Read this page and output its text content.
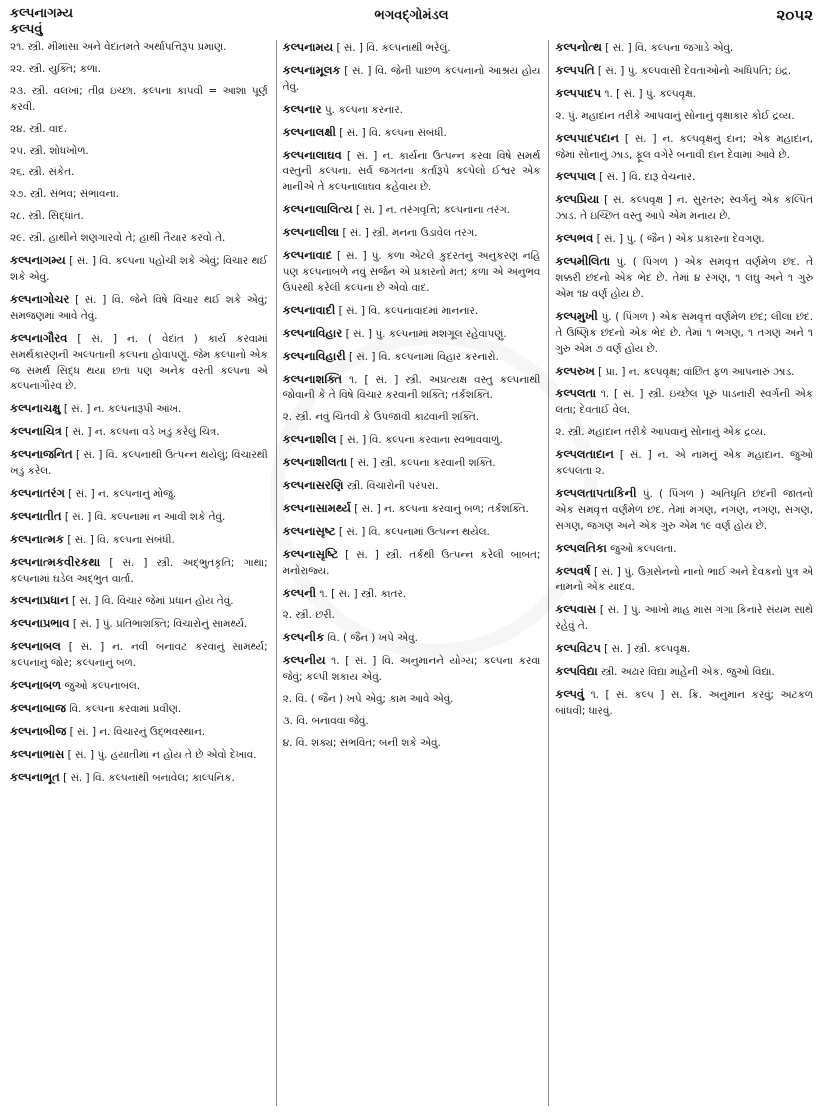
કલ્પનાગમ્ય
કલ્પવું
ભગવદ્ગોમંડલ	૨૦૫૨

૨૧. સ્ત્રી. મીમાંસા અને વેદાંતમતે અર્થાપત્તિરૂપ પ્રમાણ.

૨૨. સ્ત્રી. યુક્તિ; કળા.

૨૩. સ્ત્રી. વલખાં; તીવ્ર ઇચ્છા. કલ્પના કાપવી = આશા પૂર્ણ કરવી.

૨૪. સ્ત્રી. વાદ.

૨૫. સ્ત્રી. શોધખોળ.

૨૬. સ્ત્રી. સંકેત.

૨૭. સ્ત્રી. સંભવ; સંભાવના.

૨૮. સ્ત્રી. સિદ્ધાંત.

૨૯. સ્ત્રી. હાથીને શણગારવો તે; હાથી તૈયાર કરવો તે.

કલ્પનાગમ્ય [ સં. ] વિ. કલ્પના પહોંચી શકે એવું; વિચાર થઈ શકે એવું.

કલ્પનાગોચર [ સં. ] વિ. જેને વિષે વિચાર થઈ શકે એવું; સમજણમાં આવે તેવું.

કલ્પનાગૌરવ [ સં. ] ન. ( વેદાંત ) કાર્ય કરવામાં સમર્થકારણની અલ્પતાની કલ્પના હોવાપણું. જેમ કલ્પાનો એક જ સમર્થ સિદ્ધ થયા છતાં પણ અનેક વરતી કલ્પના એ કલ્પનાગૌરવ છે.

કલ્પનાચક્ષુ [ સં. ] ન. કલ્પનારૂપી આંખ.

કલ્પનાચિત્ર [ સં. ] ન. કલ્પના વડે ખડું કરેલું ચિત્ર.

કલ્પનાજનિત [ સં. ] વિ. કલ્પનાથી ઉત્પન્ન થયેલું; વિચારથી ખડું કરેલ.

કલ્પનાતરંગ [ સં. ] ન. કલ્પનાનું મોજું.

કલ્પનાતીત [ સં. ] વિ. કલ્પનામાં ન આવી શકે તેવું.

કલ્પનાત્મક [ સં. ] વિ. કલ્પના સંબંધી.

કલ્પનાત્મકવીરકથા [ સં. ] સ્ત્રી. અદ્ભુતકૃતિ; ગાથા; કલ્પનામાં ઘડેલ અદ્ભુત વાર્તા.

કલ્પનાપ્રધાન [ સં. ] વિ. વિચાર જેમાં પ્રધાન હોય તેવું.

કલ્પનાપ્રભાવ [ સં. ] પું. પ્રતિભાશક્તિ; વિચારોનું સામર્થ્ય.

કલ્પનાબલ [ સં. ] ન. નવી બનાવટ કરવાનું સામર્થ્ય; કલ્પનાનું જોર; કલ્પનાનું બળ.

કલ્પનાબળ જુઓ કલ્પનાબલ.

કલ્પનાબાજ વિ. કલ્પના કરવામાં પ્રવીણ.

કલ્પનાબીજ [ સં. ] ન. વિચારનું ઉદ્ભવસ્થાન.

કલ્પનાભાસ [ સં. ] પું. હયાતીમાં ન હોય તે છે એવો દેખાવ.

કલ્પનાભૂત [ સં. ] વિ. કલ્પનાથી બનાવેલ; કાલ્પનિક.

કલ્પનામય [ સં. ] વિ. કલ્પનાથી ભરેલું.

કલ્પનામૂલક [ સં. ] વિ. જેની પાછળ કલ્પનાનો આશ્રય હોય તેવું.

કલ્પનાર પું. કલ્પના કરનાર.

કલ્પનાલક્ષી [ સં. ] વિ. કલ્પના સંબંધી.

કલ્પનાલાઘવ [ સં. ] ન. કાર્યના ઉત્પન્ન કરવા વિષે સમર્થ વસ્તુની કલ્પના. સર્વ જગતના કર્તારૂપે કલ્પેલો ઈશ્વર એક માનીએ તે કલ્પનાલાઘવ કહેવાય છે.

કલ્પનાલાલિત્ય [ સં. ] ન. તરંગવૃત્તિ; કલ્પનાના તરંગ.

કલ્પનાલીલા [ સં. ] સ્ત્રી. મનના ઉડાવેલ તરંગ.

કલ્પનાવાદ [ સં. ] પું. કળા એટલે કુદરતનું અનુકરણ નહિ પણ કલ્પનાબળે નવું સર્જન એ પ્રકારનો મત; કળા એ અનુભવ ઉપરથી કરેલી કલ્પના છે એવો વાદ.

કલ્પનાવાદી [ સં. ] વિ. કલ્પનાવાદમાં માનનાર.

કલ્પનાવિહાર [ સં. ] પું. કલ્પનામાં મશગૂલ રહેવાપણું.

કલ્પનાવિહારી [ સં. ] વિ. કલ્પનામાં વિહાર કરનારો.

કલ્પનાશક્તિ ૧. [ સં. ] સ્ત્રી. અપ્રત્યક્ષ વસ્તુ કલ્પનાથી જોવાની કે તે વિષે વિચાર કરવાની શક્તિ; તર્કશક્તિ.

૨. સ્ત્રી. નવું ચિંતવી કે ઉપજાવી કાઢવાની શક્તિ.

કલ્પનાશીલ [ સં. ] વિ. કલ્પના કરવાના સ્વભાવવાળું.

કલ્પનાશીલતા [ સં. ] સ્ત્રી. કલ્પના કરવાની શક્તિ.

કલ્પનાસરણિ સ્ત્રી. વિચારોની પરંપરા.

કલ્પનાસામર્થ્ય [ સં. ] ન. કલ્પના કરવાનું બળ; તર્કશક્તિ.

કલ્પનાસૃષ્ટ [ સં. ] વિ. કલ્પનામાં ઉત્પન્ન થયેલ.

કલ્પનાસૃષ્ટિ [ સં. ] સ્ત્રી. તર્કથી ઉત્પન્ન કરેલી બાબત; મનોરાજ્ય.

કલ્પની ૧. [ સં. ] સ્ત્રી. કાતર.

૨. સ્ત્રી. છરી.

કલ્પનીક વિ. ( જૈન ) ખપે એવું.

કલ્પનીય ૧. [ સં. ] વિ. અનુમાનને યોગ્ય; કલ્પના કરવા જેવું; કલ્પી શકાય એવું.

૨. વિ. ( જૈન ) ખપે એવું; કામ આવે એવું.

૩. વિ. બનાવવા જેવું.

૪. વિ. શક્ય; સંભવિત; બની શકે એવું.

કલ્પનોત્થ [ સં. ] વિ. કલ્પના જગાડે એવું.

કલ્પપતિ [ સં. ] પું. કલ્પવાસી દેવતાઓનો અધિપતિ; ઇંદ્ર.

કલ્પપાદપ ૧. [ સં. ] પું. કલ્પવૃક્ષ.

૨. પું. મહાદાન તરીકે આપવાનું સોનાનું વૃક્ષાકાર કોઈ દ્રવ્ય.

કલ્પપાદપદાન [ સં. ] ન. કલ્પવૃક્ષનું દાન; એક મહાદાન, જેમાં સોનાનું ઝાડ, ફૂલ વગેરે બનાવી દાન દેવામાં આવે છે.

કલ્પપાલ [ સં. ] વિ. દારૂ વેચનાર.

કલ્પપ્રિયા [ સં. કલ્પવૃક્ષ ] ન. સુરતરુ; સ્વર્ગનું એક કલ્પિત ઝાડ. તે ઇચ્છિત વસ્તુ આપે એમ મનાય છે.

કલ્પભવ [ સં. ] પું. ( જૈન ) એક પ્રકારના દેવગણ.

કલ્પમીલિતા પું. ( પિંગળ ) એક સમવૃત્ત વર્ણમેળ છંદ. તે શક્કરી છંદનો એક ભેદ છે. તેમાં ૪ રગણ, ૧ લઘુ અને ૧ ગુરુ એમ ૧૪ વર્ણ હોય છે.

કલ્પમુખી પું. ( પિંગળ ) એક સમવૃત્ત વર્ણમેળ છંદ; લીલા છંદ. તે ઉષ્ણિક છંદનો એક ભેદ છે. તેમાં ૧ ભગણ, ૧ તગણ અને ૧ ગુરુ એમ ૭ વર્ણ હોય છે.

કલ્પરુખ [ પ્રા. ] ન. કલ્પવૃક્ષ; વાંછિત ફળ આપનારું ઝાડ.

કલ્પલતા ૧. [ સં. ] સ્ત્રી. ઇચ્છેલ પૂરું પાડનારી સ્વર્ગની એક લતા; દેવતાઈ વેલ.

૨. સ્ત્રી. મહાદાન તરીકે આપવાનું સોનાનું એક દ્રવ્ય.

કલ્પલતાદાન [ સં. ] ન. એ નામનું એક મહાદાન. જુઓ કલ્પલતા ૨.

કલ્પલતાપતાકિની પું. ( પિંગળ ) અતિધૃતિ છંદની જાતનો એક સમવૃત્ત વર્ણમેળ છંદ. તેમાં મગણ, નગણ, નગણ, સગણ, સગણ, જગણ અને એક ગુરુ એમ ૧૯ વર્ણ હોય છે.

કલ્પલતિકા જુઓ કલ્પલતા.

કલ્પવર્ષ [ સં. ] પું. ઉગ્રસેનનો નાનો ભાઈ અને દેવકનો પુત્ર એ નામનો એક યાદવ.

કલ્પવાસ [ સં. ] પું. આખો માહ માસ ગંગા કિનારે સંયમ સાથે રહેવું તે.

કલ્પવિટપ [ સં. ] સ્ત્રી. કલ્પવૃક્ષ.

કલ્પવિદ્યા સ્ત્રી. અઢાર વિદ્યા માંહેની એક. જુઓ વિદ્યા.

કલ્પવું ૧. [ સં. કલ્પ ] સ. ક્રિ. અનુમાન કરવું; અટકળ બાંધવી; ધારવું.
